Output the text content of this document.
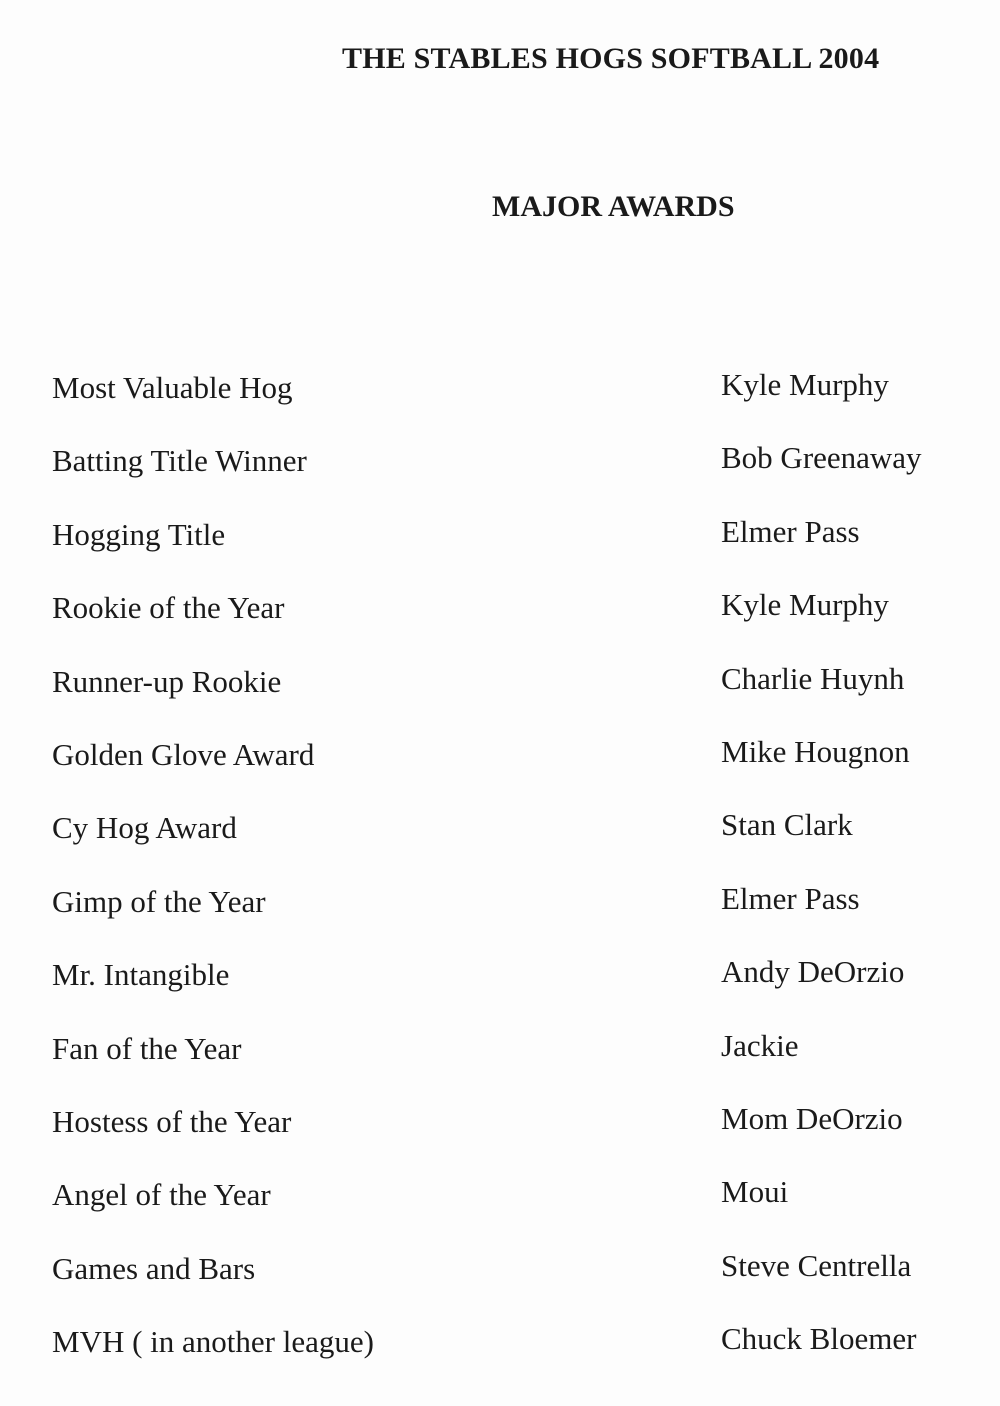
THE STABLES HOGS SOFTBALL 2004
MAJOR AWARDS
Most Valuable Hog	Kyle Murphy
Batting Title Winner	Bob Greenaway
Hogging Title	Elmer Pass
Rookie of the Year	Kyle Murphy
Runner-up Rookie	Charlie Huynh
Golden Glove Award	Mike Hougnon
Cy Hog Award	Stan Clark
Gimp of the Year	Elmer Pass
Mr. Intangible	Andy DeOrzio
Fan of the Year	Jackie
Hostess of the Year	Mom DeOrzio
Angel of the Year	Moui
Games and Bars	Steve Centrella
MVH ( in another league)	Chuck Bloemer
